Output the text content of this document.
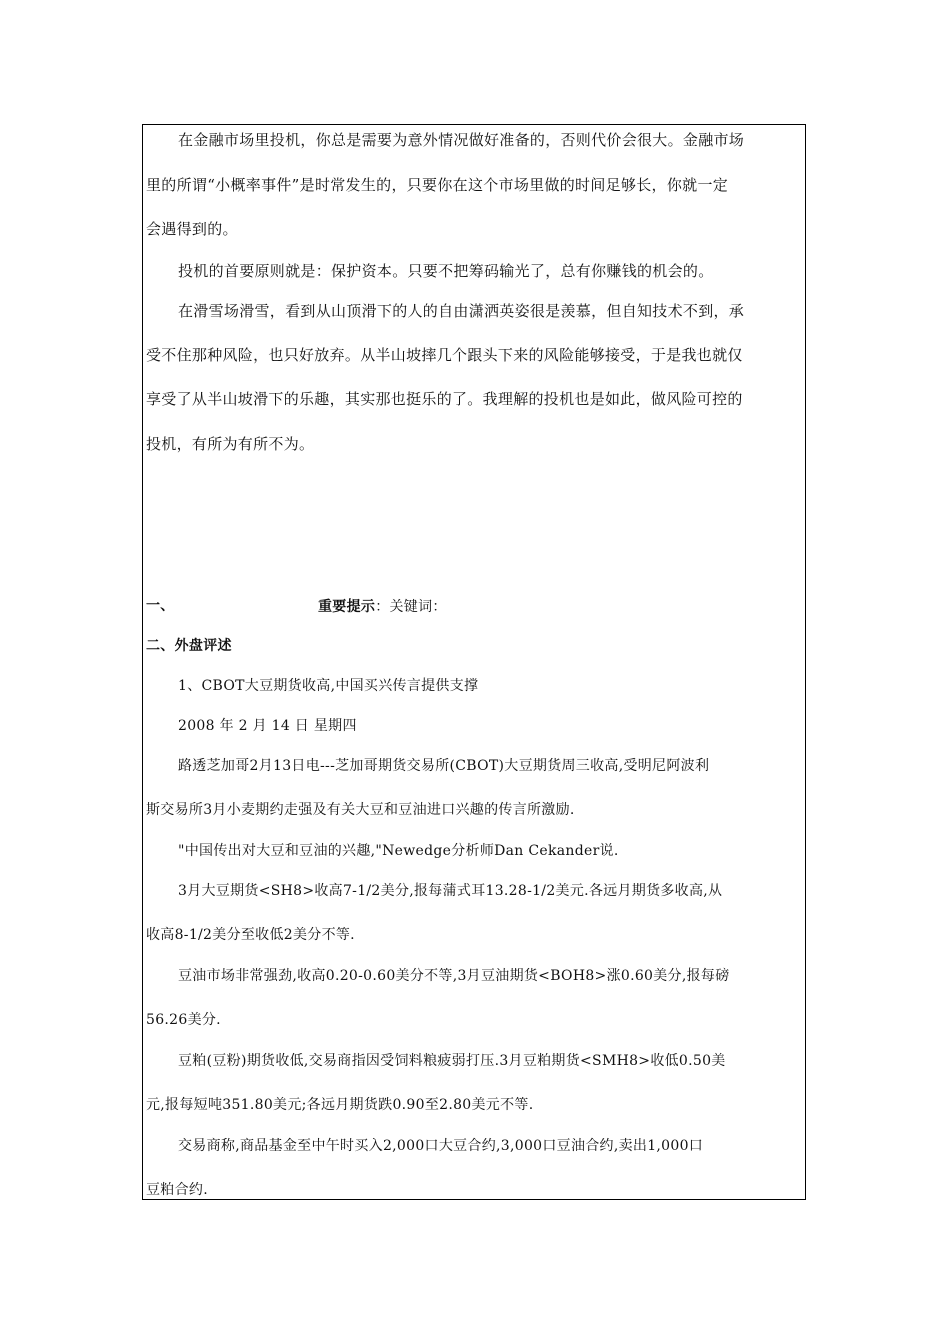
在金融市场里投机，你总是需要为意外情况做好准备的，否则代价会很大。金融市场
里的所谓“小概率事件”是时常发生的，只要你在这个市场里做的时间足够长，你就一定
会遇得到的。
投机的首要原则就是：保护资本。只要不把筹码输光了，总有你赚钱的机会的。
在滑雪场滑雪，看到从山顶滑下的人的自由潇洒英姿很是羡慕，但自知技术不到，承
受不住那种风险，也只好放弃。从半山坡摔几个跟头下来的风险能够接受，于是我也就仅
享受了从半山坡滑下的乐趣，其实那也挺乐的了。我理解的投机也是如此，做风险可控的
投机，有所为有所不为。
一、	重要提示：关键词：
二、外盘评述
1、CBOT大豆期货收高,中国买兴传言提供支撑
2008 年 2 月 14 日 星期四
路透芝加哥2月13日电---芝加哥期货交易所(CBOT)大豆期货周三收高,受明尼阿波利
斯交易所3月小麦期约走强及有关大豆和豆油进口兴趣的传言所激励.
"中国传出对大豆和豆油的兴趣,"Newedge分析师Dan Cekander说.
3月大豆期货<SH8>收高7-1/2美分,报每蒲式耳13.28-1/2美元.各远月期货多收高,从
收高8-1/2美分至收低2美分不等.
豆油市场非常强劲,收高0.20-0.60美分不等,3月豆油期货<BOH8>涨0.60美分,报每磅
56.26美分.
豆粕(豆粉)期货收低,交易商指因受饲料粮疲弱打压.3月豆粕期货<SMH8>收低0.50美
元,报每短吨351.80美元;各远月期货跌0.90至2.80美元不等.
交易商称,商品基金至中午时买入2,000口大豆合约,3,000口豆油合约,卖出1,000口
豆粕合约.
